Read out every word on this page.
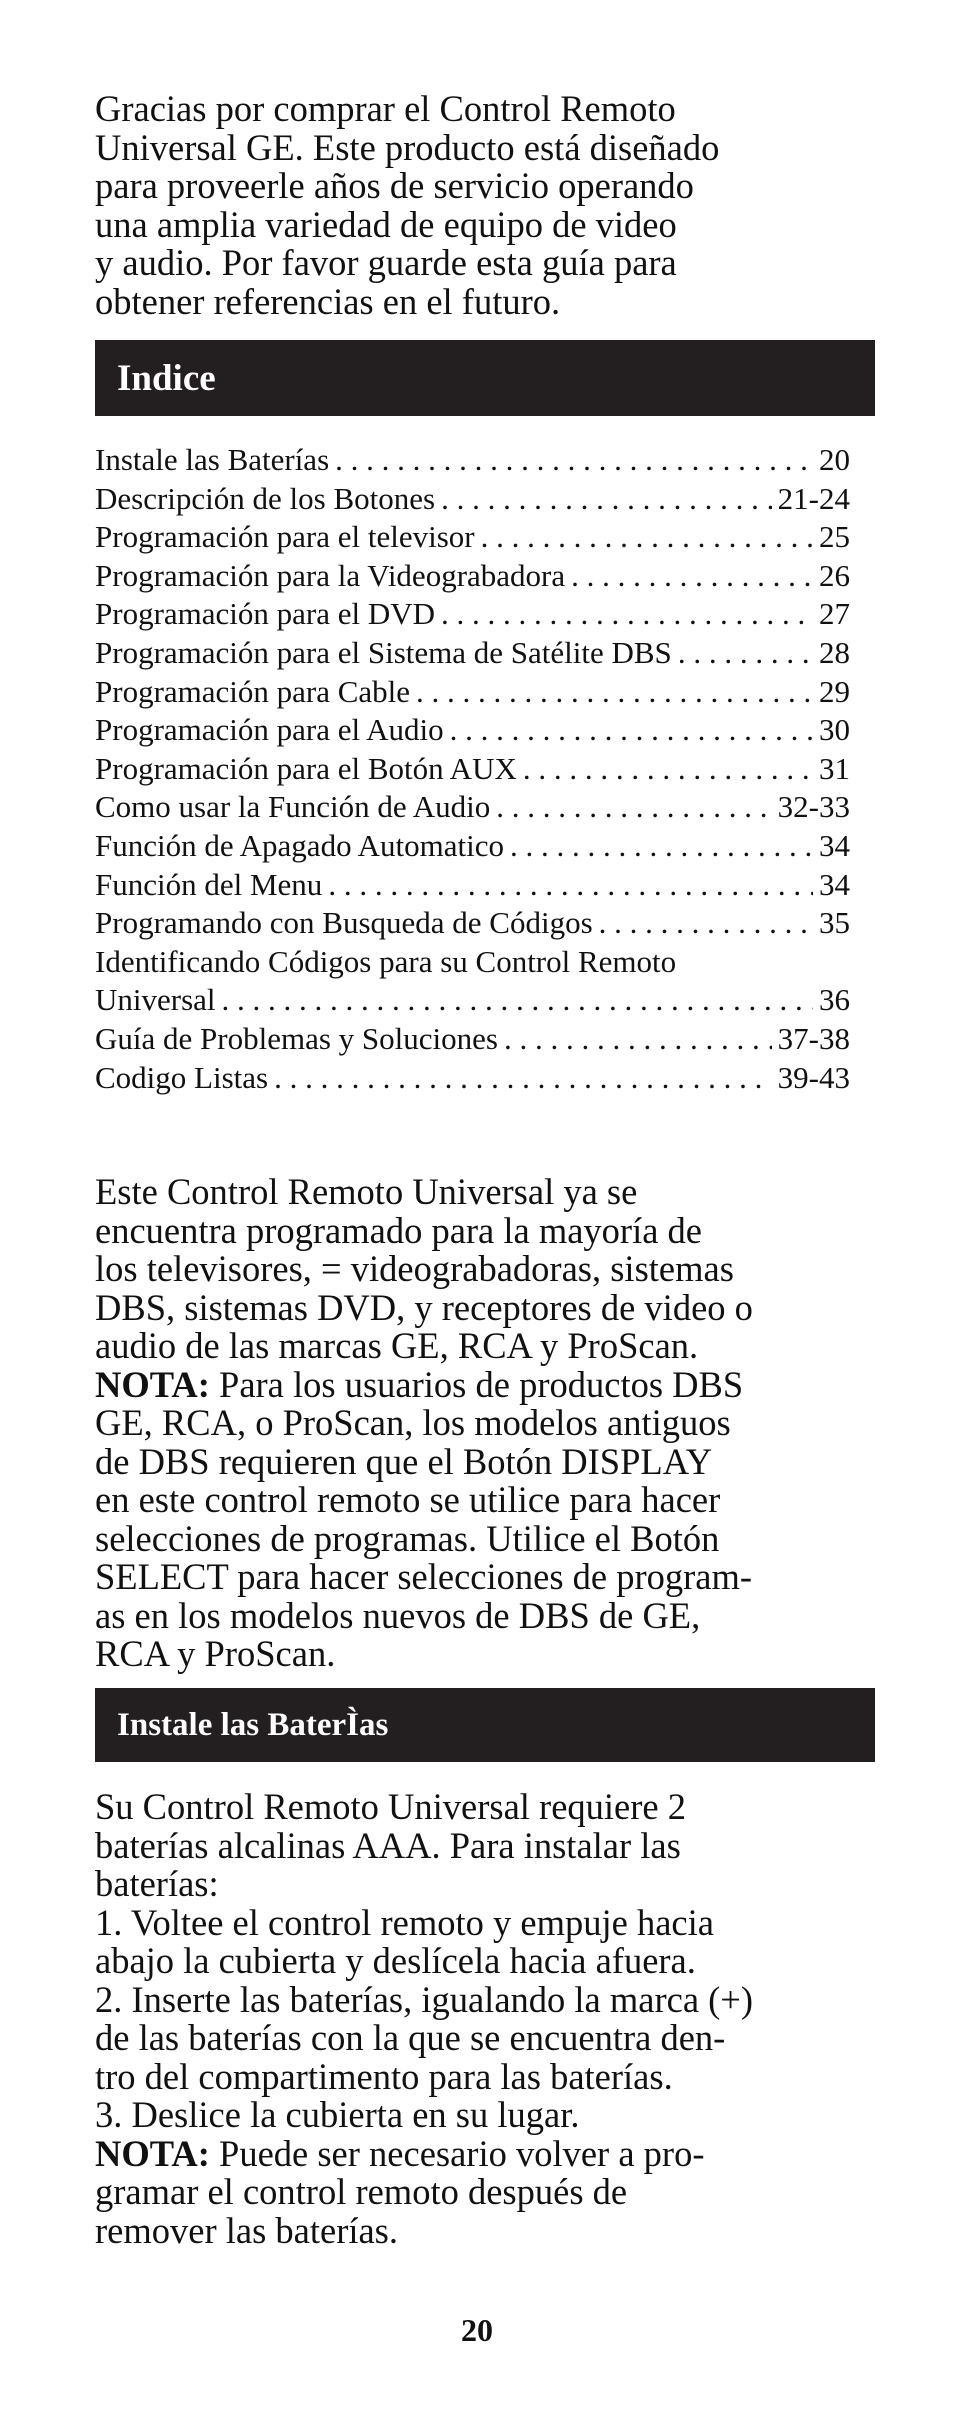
Gracias por comprar el Control Remoto
Universal GE. Este producto está diseñado
para proveerle años de servicio operando
una amplia variedad de equipo de video
y audio. Por favor guarde esta guía para
obtener referencias en el futuro.

Indice
Instale las Baterías . . .	20
Descripción de los Botones . . .	21-24
Programación para el televisor . . .	25
Programación para la Videograbadora . . .	26
Programación para el DVD . . .	27
Programación para el Sistema de Satélite DBS . . .	28
Programación para Cable . . .	29
Programación para el Audio . . .	30
Programación para el Botón AUX . . .	31
Como usar la Función de Audio . . .	32-33
Función de Apagado Automatico . . .	34
Función del Menu . . .	34
Programando con Busqueda de Códigos . . .	35
Identificando Códigos para su Control Remoto
Universal . . .	36
Guía de Problemas y Soluciones . . .	37-38
Codigo Listas . . .	39-43

Este Control Remoto Universal ya se
encuentra programado para la mayoría de
los televisores, = videograbadoras, sistemas
DBS, sistemas DVD, y receptores de video o
audio de las marcas GE, RCA y ProScan.
NOTA: Para los usuarios de productos DBS
GE, RCA, o ProScan, los modelos antiguos
de DBS requieren que el Botón DISPLAY
en este control remoto se utilice para hacer
selecciones de programas. Utilice el Botón
SELECT para hacer selecciones de program-
as en los modelos nuevos de DBS de GE,
RCA y ProScan.

Instale las BaterÌas

Su Control Remoto Universal requiere 2
baterías alcalinas AAA. Para instalar las
baterías:
1. Voltee el control remoto y empuje hacia
abajo la cubierta y deslícela hacia afuera.
2. Inserte las baterías, igualando la marca (+)
de las baterías con la que se encuentra den-
tro del compartimento para las baterías.
3. Deslice la cubierta en su lugar.
NOTA: Puede ser necesario volver a pro-
gramar el control remoto después de
remover las baterías.

20
